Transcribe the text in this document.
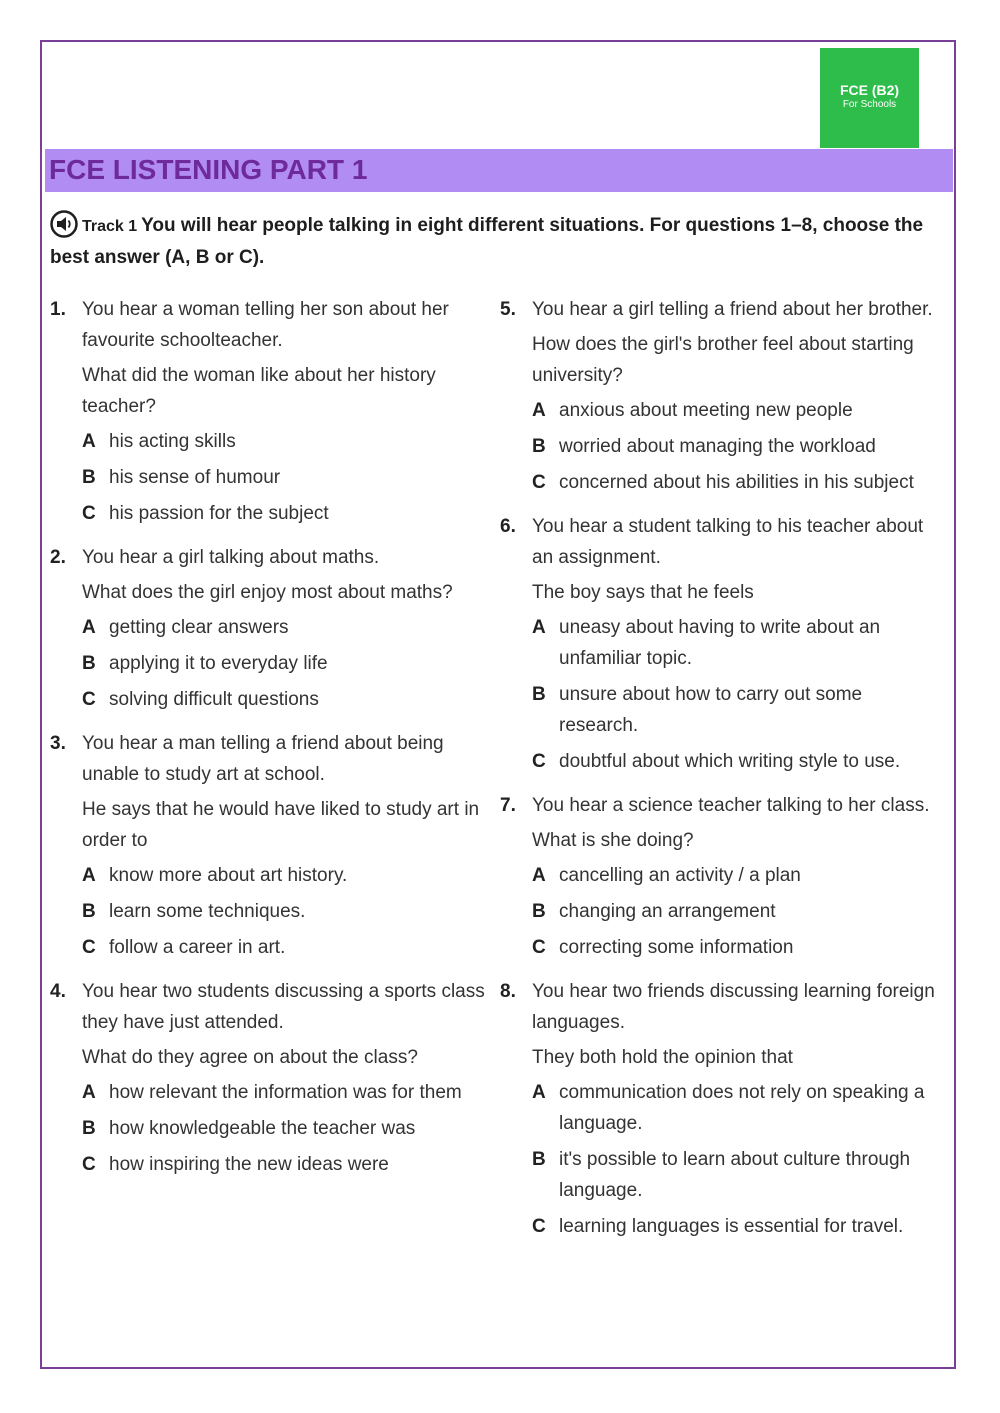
FCE (B2)
For Schools
FCE LISTENING PART 1
Track 1 You will hear people talking in eight different situations. For questions 1–8, choose the best answer (A, B or C).
1. You hear a woman telling her son about her favourite schoolteacher.
What did the woman like about her history teacher?
A his acting skills
B his sense of humour
C his passion for the subject
2. You hear a girl talking about maths.
What does the girl enjoy most about maths?
A getting clear answers
B applying it to everyday life
C solving difficult questions
3. You hear a man telling a friend about being unable to study art at school.
He says that he would have liked to study art in order to
A know more about art history.
B learn some techniques.
C follow a career in art.
4. You hear two students discussing a sports class they have just attended.
What do they agree on about the class?
A how relevant the information was for them
B how knowledgeable the teacher was
C how inspiring the new ideas were
5. You hear a girl telling a friend about her brother.
How does the girl's brother feel about starting university?
A anxious about meeting new people
B worried about managing the workload
C concerned about his abilities in his subject
6. You hear a student talking to his teacher about an assignment.
The boy says that he feels
A uneasy about having to write about an unfamiliar topic.
B unsure about how to carry out some research.
C doubtful about which writing style to use.
7. You hear a science teacher talking to her class.
What is she doing?
A cancelling an activity / a plan
B changing an arrangement
C correcting some information
8. You hear two friends discussing learning foreign languages.
They both hold the opinion that
A communication does not rely on speaking a language.
B it's possible to learn about culture through language.
C learning languages is essential for travel.
